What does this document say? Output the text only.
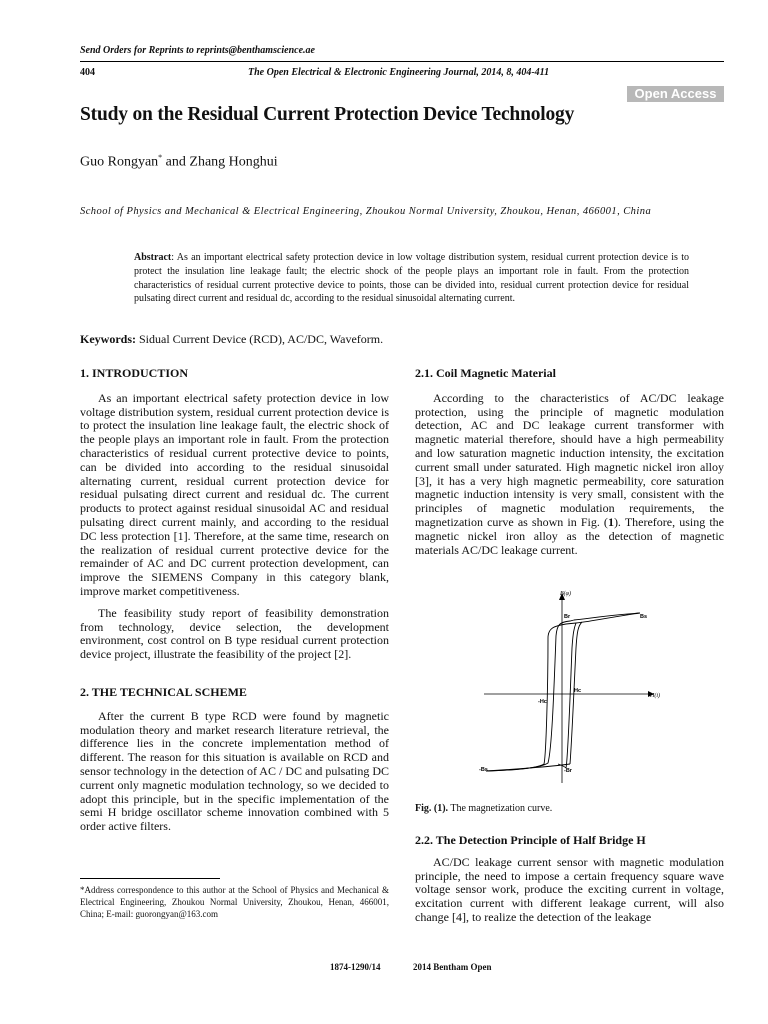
Send Orders for Reprints to reprints@benthamscience.ae
404	The Open Electrical & Electronic Engineering Journal, 2014, 8, 404-411
Open Access
Study on the Residual Current Protection Device Technology
Guo Rongyan* and Zhang Honghui
School of Physics and Mechanical & Electrical Engineering, Zhoukou Normal University, Zhoukou, Henan, 466001, China
Abstract: As an important electrical safety protection device in low voltage distribution system, residual current protection device is to protect the insulation line leakage fault; the electric shock of the people plays an important role in fault. From the protection characteristics of residual current protective device to points, those can be divided into, residual current protection device for residual pulsating direct current and residual dc, according to the residual sinusoidal alternating current.
Keywords: Sidual Current Device (RCD), AC/DC, Waveform.
1. INTRODUCTION

As an important electrical safety protection device in low voltage distribution system, residual current protection device is to protect the insulation line leakage fault, the electric shock of the people plays an important role in fault. From the protection characteristics of residual current protective device to points, can be divided into according to the residual sinusoidal alternating current, residual current protection device for residual pulsating direct current and residual dc. The current products to protect against residual sinusoidal AC and residual pulsating direct current mainly, and according to the residual DC less protection [1]. Therefore, at the same time, research on the realization of residual current protective device for the remainder of AC and DC current protection development, can improve the SIEMENS Company in this category blank, improve market competitiveness.

The feasibility study report of feasibility demonstration from technology, device selection, the development environment, cost control on B type residual current protection device project, illustrate the feasibility of the project [2].

2. THE TECHNICAL SCHEME

After the current B type RCD were found by magnetic modulation theory and market research literature retrieval, the difference lies in the concrete implementation method of different. The reason for this situation is available on RCD and sensor technology in the detection of AC / DC and pulsating DC current only magnetic modulation technology, so we decided to adopt this principle, but in the specific implementation of the semi H bridge oscillator scheme innovation combined with 5 order active filters.

2.1. Coil Magnetic Material

According to the characteristics of AC/DC leakage protection, using the principle of magnetic modulation detection, AC and DC leakage current transformer with magnetic material therefore, should have a high permeability and low saturation magnetic induction intensity, the excitation current small under saturated. High magnetic nickel iron alloy [3], it has a very high magnetic permeability, core saturation magnetic induction intensity is very small, consistent with the principles of magnetic modulation requirements, the magnetization curve as shown in Fig. (1). Therefore, using the magnetic nickel iron alloy as the detection of magnetic materials AC/DC leakage current.

B(φ)
H(i)
Br	Bs
Hc
-Hc
-Bs	-Br
Fig. (1). The magnetization curve.
2.2. The Detection Principle of Half Bridge H

AC/DC leakage current sensor with magnetic modulation principle, the need to impose a certain frequency square wave voltage sensor work, produce the exciting current in voltage, excitation current with different leakage current, will also change [4], to realize the detection of the leakage

*Address correspondence to this author at the School of Physics and Mechanical & Electrical Engineering, Zhoukou Normal University, Zhoukou, Henan, 466001, China; E-mail: guorongyan@163.com
1874-1290/14	2014 Bentham Open
